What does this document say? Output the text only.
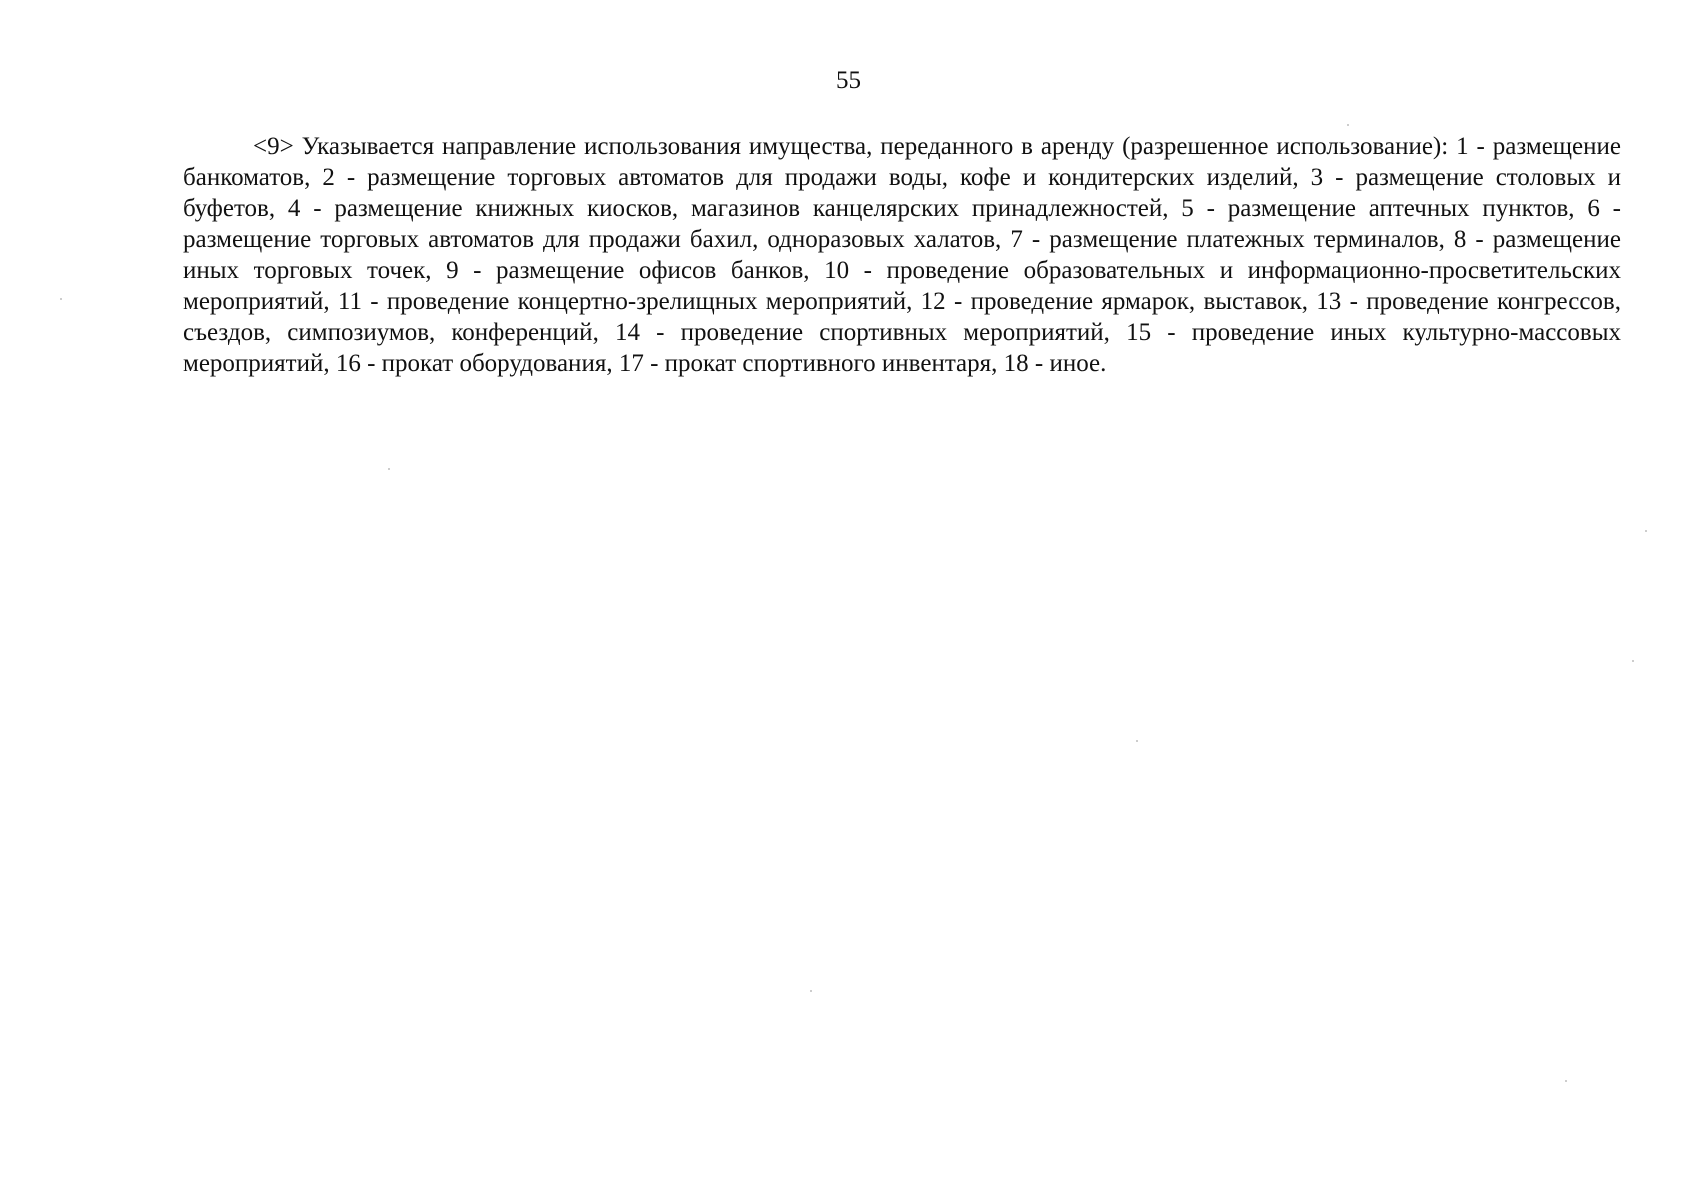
55

<9> Указывается направление использования имущества, переданного в аренду (разрешенное использование): 1 - размещение банкоматов, 2 - размещение торговых автоматов для продажи воды, кофе и кондитерских изделий, 3 - размещение столовых и буфетов, 4 - размещение книжных киосков, магазинов канцелярских принадлежностей, 5 - размещение аптечных пунктов, 6 - размещение торговых автоматов для продажи бахил, одноразовых халатов, 7 - размещение платежных терминалов, 8 - размещение иных торговых точек, 9 - размещение офисов банков, 10 - проведение образовательных и информационно-просветительских мероприятий, 11 - проведение концертно-зрелищных мероприятий, 12 - проведение ярмарок, выставок, 13 - проведение конгрессов, съездов, симпозиумов, конференций, 14 - проведение спортивных мероприятий, 15 - проведение иных культурно-массовых мероприятий, 16 - прокат оборудования, 17 - прокат спортивного инвентаря, 18 - иное.
